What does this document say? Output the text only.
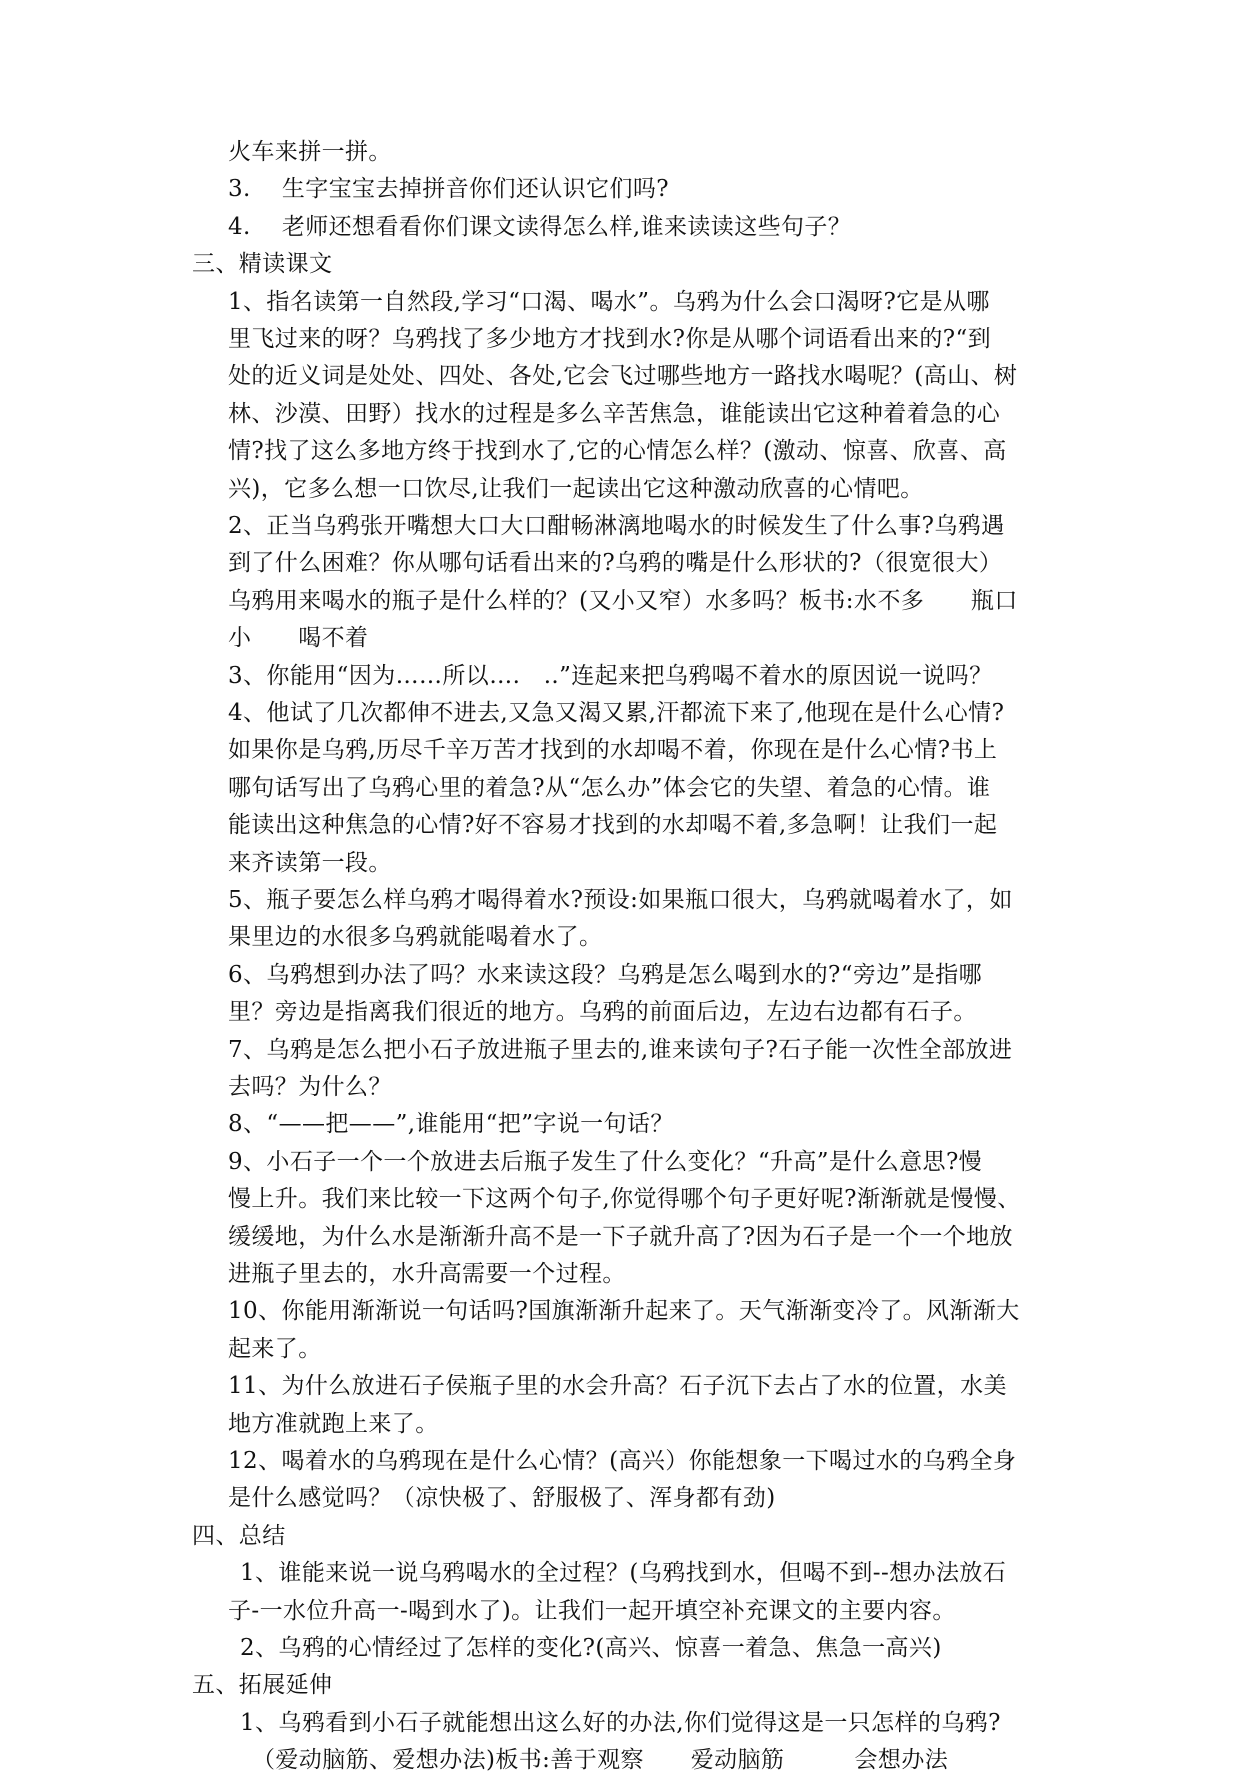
火车来拼一拼。
3.　 生字宝宝去掉拼音你们还认识它们吗?
4.　 老师还想看看你们课文读得怎么样,谁来读读这些句子？
三、精读课文
1、指名读第一自然段,学习“口渴、喝水”。乌鸦为什么会口渴呀?它是从哪
里飞过来的呀？乌鸦找了多少地方才找到水?你是从哪个词语看出来的?“到
处的近义词是处处、四处、各处,它会飞过哪些地方一路找水喝呢？(高山、树
林、沙漠、田野）找水的过程是多么辛苦焦急，谁能读出它这种着着急的心
情?找了这么多地方终于找到水了,它的心情怎么样？(激动、惊喜、欣喜、高
兴)，它多么想一口饮尽,让我们一起读出它这种激动欣喜的心情吧。
2、正当乌鸦张开嘴想大口大口酣畅淋漓地喝水的时候发生了什么事?乌鸦遇
到了什么困难？你从哪句话看出来的?乌鸦的嘴是什么形状的?（很宽很大）
乌鸦用来喝水的瓶子是什么样的？(又小又窄）水多吗？板书:水不多　　瓶口
小　　喝不着
3、你能用“因为……所以….　..”连起来把乌鸦喝不着水的原因说一说吗？
4、他试了几次都伸不进去,又急又渴又累,汗都流下来了,他现在是什么心情?
如果你是乌鸦,历尽千辛万苦才找到的水却喝不着，你现在是什么心情?书上
哪句话写出了乌鸦心里的着急?从“怎么办”体会它的失望、着急的心情。谁
能读出这种焦急的心情?好不容易才找到的水却喝不着,多急啊！让我们一起
来齐读第一段。
5、瓶子要怎么样乌鸦才喝得着水?预设:如果瓶口很大，乌鸦就喝着水了，如
果里边的水很多乌鸦就能喝着水了。
6、乌鸦想到办法了吗？水来读这段？乌鸦是怎么喝到水的?“旁边”是指哪
里？旁边是指离我们很近的地方。乌鸦的前面后边，左边右边都有石子。
7、乌鸦是怎么把小石子放进瓶子里去的,谁来读句子?石子能一次性全部放进
去吗？为什么？
8、“——把——”,谁能用“把”字说一句话？
9、小石子一个一个放进去后瓶子发生了什么变化？“升高”是什么意思?慢
慢上升。我们来比较一下这两个句子,你觉得哪个句子更好呢?渐渐就是慢慢、
缓缓地，为什么水是渐渐升高不是一下子就升高了?因为石子是一个一个地放
进瓶子里去的，水升高需要一个过程。
10、你能用渐渐说一句话吗?国旗渐渐升起来了。天气渐渐变冷了。风渐渐大
起来了。
11、为什么放进石子侯瓶子里的水会升高？石子沉下去占了水的位置，水美
地方准就跑上来了。
12、喝着水的乌鸦现在是什么心情？(高兴）你能想象一下喝过水的乌鸦全身
是什么感觉吗？（凉快极了、舒服极了、浑身都有劲)
四、总结
1、谁能来说一说乌鸦喝水的全过程？(乌鸦找到水，但喝不到--想办法放石
子-一水位升高一-喝到水了)。让我们一起开填空补充课文的主要内容。
2、乌鸦的心情经过了怎样的变化?(高兴、惊喜一着急、焦急一高兴)
五、拓展延伸
1、乌鸦看到小石子就能想出这么好的办法,你们觉得这是一只怎样的乌鸦?
（爱动脑筋、爱想办法)板书:善于观察　　爱动脑筋　　　会想办法
